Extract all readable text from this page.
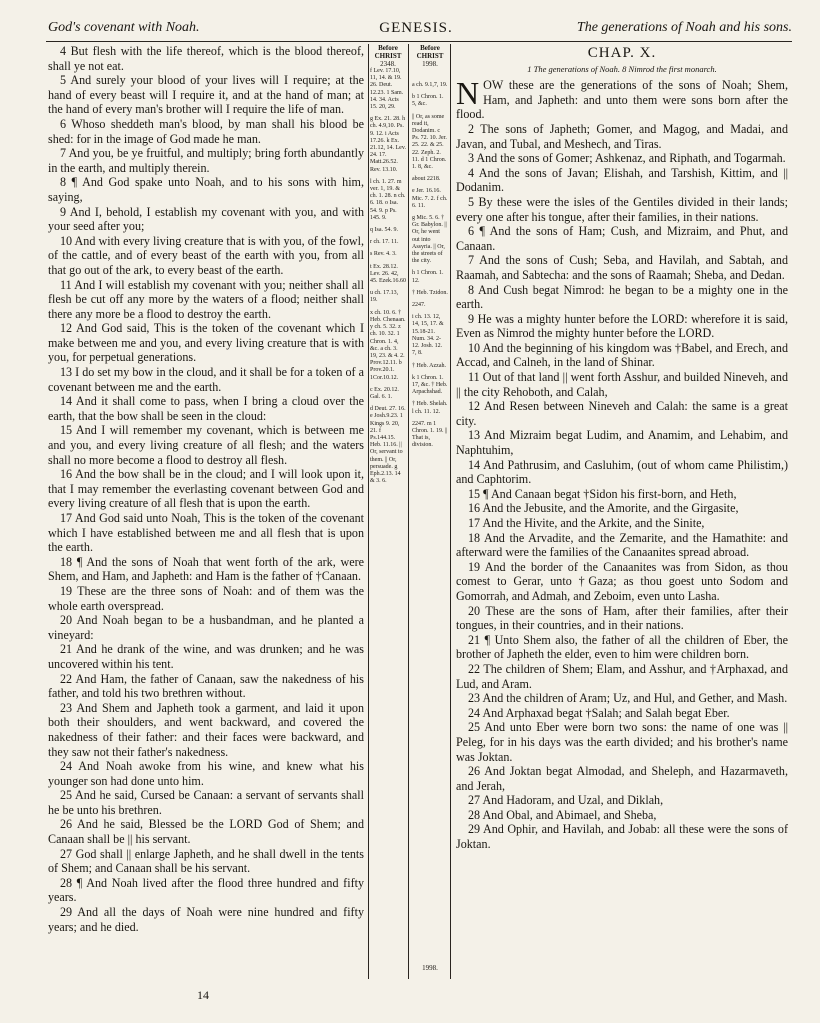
God's covenant with Noah.	GENESIS.	The generations of Noah and his sons.

4 But flesh with the life thereof, which is the blood thereof, shall ye not eat.

5 And surely your blood of your lives will I require; at the hand of every beast will I require it, and at the hand of man; at the hand of every man's brother will I require the life of man.

6 Whoso sheddeth man's blood, by man shall his blood be shed: for in the image of God made he man.

7 And you, be ye fruitful, and multiply; bring forth abundantly in the earth, and multiply therein.

8 ¶ And God spake unto Noah, and to his sons with him, saying,

9 And I, behold, I establish my covenant with you, and with your seed after you;

10 And with every living creature that is with you, of the fowl, of the cattle, and of every beast of the earth with you, from all that go out of the ark, to every beast of the earth.

11 And I will establish my covenant with you; neither shall all flesh be cut off any more by the waters of a flood; neither shall there any more be a flood to destroy the earth.

12 And God said, This is the token of the covenant which I make between me and you, and every living creature that is with you, for perpetual generations.

13 I do set my bow in the cloud, and it shall be for a token of a covenant between me and the earth.

14 And it shall come to pass, when I bring a cloud over the earth, that the bow shall be seen in the cloud:

15 And I will remember my covenant, which is between me and you, and every living creature of all flesh; and the waters shall no more become a flood to destroy all flesh.

16 And the bow shall be in the cloud; and I will look upon it, that I may remember the everlasting covenant between God and every living creature of all flesh that is upon the earth.

17 And God said unto Noah, This is the token of the covenant which I have established between me and all flesh that is upon the earth.

18 ¶ And the sons of Noah that went forth of the ark, were Shem, and Ham, and Japheth: and Ham is the father of †Canaan.

19 These are the three sons of Noah: and of them was the whole earth overspread.

20 And Noah began to be a husbandman, and he planted a vineyard:

21 And he drank of the wine, and was drunken; and he was uncovered within his tent.

22 And Ham, the father of Canaan, saw the nakedness of his father, and told his two brethren without.

23 And Shem and Japheth took a garment, and laid it upon both their shoulders, and went backward, and covered the nakedness of their father: and their faces were backward, and they saw not their father's nakedness.

24 And Noah awoke from his wine, and knew what his younger son had done unto him.

25 And he said, Cursed be Canaan: a servant of servants shall he be unto his brethren.

26 And he said, Blessed be the LORD God of Shem; and Canaan shall be || his servant.

27 God shall || enlarge Japheth, and he shall dwell in the tents of Shem; and Canaan shall be his servant.

28 ¶ And Noah lived after the flood three hundred and fifty years.

29 And all the days of Noah were nine hundred and fifty years; and he died.

Before CHRIST
2348.
Before CHRIST
1998.

f Lev. 17.10, 11, 14. & 19. 26. Deut. 12.23. 1 Sam. 14. 34. Acts 15. 20, 29.

g Ex. 21. 28. h ch. 4.9,10. Ps. 9. 12. i Acts 17.26. k Ex. 21.12, 14. Lev. 24. 17. Matt.26.52. Rev. 13.10.

l ch. 1. 27. m ver. 1, 19. & ch. 1. 28. n ch. 6. 18. o Isa. 54. 9. p Ps. 145. 9.

q Isa. 54. 9.

r ch. 17. 11.

s Rev. 4. 3.

t Ex. 28.12. Lev. 26. 42, 45. Ezek.16.60

u ch. 17.13, 19.

x ch. 10. 6. † Heb. Chenaan. y ch. 5. 32. z ch. 10. 32. 1 Chron. 1. 4, &c. a ch. 3. 19, 23. & 4. 2. Prov.12.11. b Prov.20.1. 1Cor.10.12.

c Ex. 20.12. Gal. 6. 1.

d Deut. 27. 16. e Josh.9.23. 1 Kings 9. 20, 21. f Ps.144.15. Heb. 11.16. || Or, servant to them. || Or, persuade. g Eph.2.13. 14 & 3. 6.

a ch. 9.1,7, 19.

b 1 Chron. 1. 5, &c.

|| Or, as some read it, Dodanim. c Ps. 72. 10. Jer. 25. 22. & 25. 22. Zeph. 2. 11. d 1 Chron. 1. 8, &c.

about 2218.

e Jer. 16.16. Mic. 7. 2. f ch. 6. 11.

g Mic. 5. 6. † Gr. Babylon. || Or, he went out into Assyria. || Or, the streets of the city.

h 1 Chron. 1. 12.

† Heb. Tzidon.

2247.

i ch. 13. 12, 14, 15, 17. & 15.18-21. Num. 34. 2-12. Josh. 12. 7, 8.

† Heb. Azzah.

k 1 Chron. 1. 17, &c. † Heb. Arpachshad.

† Heb. Shelah. l ch. 11. 12.

2247. m 1 Chron. 1. 19. || That is, division.

1998.
CHAP. X.
1 The generations of Noah. 8 Nimrod the first monarch.

NOW these are the generations of the sons of Noah; Shem, Ham, and Japheth: and unto them were sons born after the flood.

2 The sons of Japheth; Gomer, and Magog, and Madai, and Javan, and Tubal, and Meshech, and Tiras.

3 And the sons of Gomer; Ashkenaz, and Riphath, and Togarmah.

4 And the sons of Javan; Elishah, and Tarshish, Kittim, and || Dodanim.

5 By these were the isles of the Gentiles divided in their lands; every one after his tongue, after their families, in their nations.

6 ¶ And the sons of Ham; Cush, and Mizraim, and Phut, and Canaan.

7 And the sons of Cush; Seba, and Havilah, and Sabtah, and Raamah, and Sabtecha: and the sons of Raamah; Sheba, and Dedan.

8 And Cush begat Nimrod: he began to be a mighty one in the earth.

9 He was a mighty hunter before the LORD: wherefore it is said, Even as Nimrod the mighty hunter before the LORD.

10 And the beginning of his kingdom was †Babel, and Erech, and Accad, and Calneh, in the land of Shinar.

11 Out of that land || went forth Asshur, and builded Nineveh, and || the city Rehoboth, and Calah,

12 And Resen between Nineveh and Calah: the same is a great city.

13 And Mizraim begat Ludim, and Anamim, and Lehabim, and Naphtuhim,

14 And Pathrusim, and Casluhim, (out of whom came Philistim,) and Caphtorim.

15 ¶ And Canaan begat †Sidon his first-born, and Heth,

16 And the Jebusite, and the Amorite, and the Girgasite,

17 And the Hivite, and the Arkite, and the Sinite,

18 And the Arvadite, and the Zemarite, and the Hamathite: and afterward were the families of the Canaanites spread abroad.

19 And the border of the Canaanites was from Sidon, as thou comest to Gerar, unto †Gaza; as thou goest unto Sodom and Gomorrah, and Admah, and Zeboim, even unto Lasha.

20 These are the sons of Ham, after their families, after their tongues, in their countries, and in their nations.

21 ¶ Unto Shem also, the father of all the children of Eber, the brother of Japheth the elder, even to him were children born.

22 The children of Shem; Elam, and Asshur, and †Arphaxad, and Lud, and Aram.

23 And the children of Aram; Uz, and Hul, and Gether, and Mash.

24 And Arphaxad begat †Salah; and Salah begat Eber.

25 And unto Eber were born two sons: the name of one was || Peleg, for in his days was the earth divided; and his brother's name was Joktan.

26 And Joktan begat Almodad, and Sheleph, and Hazarmaveth, and Jerah,

27 And Hadoram, and Uzal, and Diklah,

28 And Obal, and Abimael, and Sheba,

29 And Ophir, and Havilah, and Jobab: all these were the sons of Joktan.

14
